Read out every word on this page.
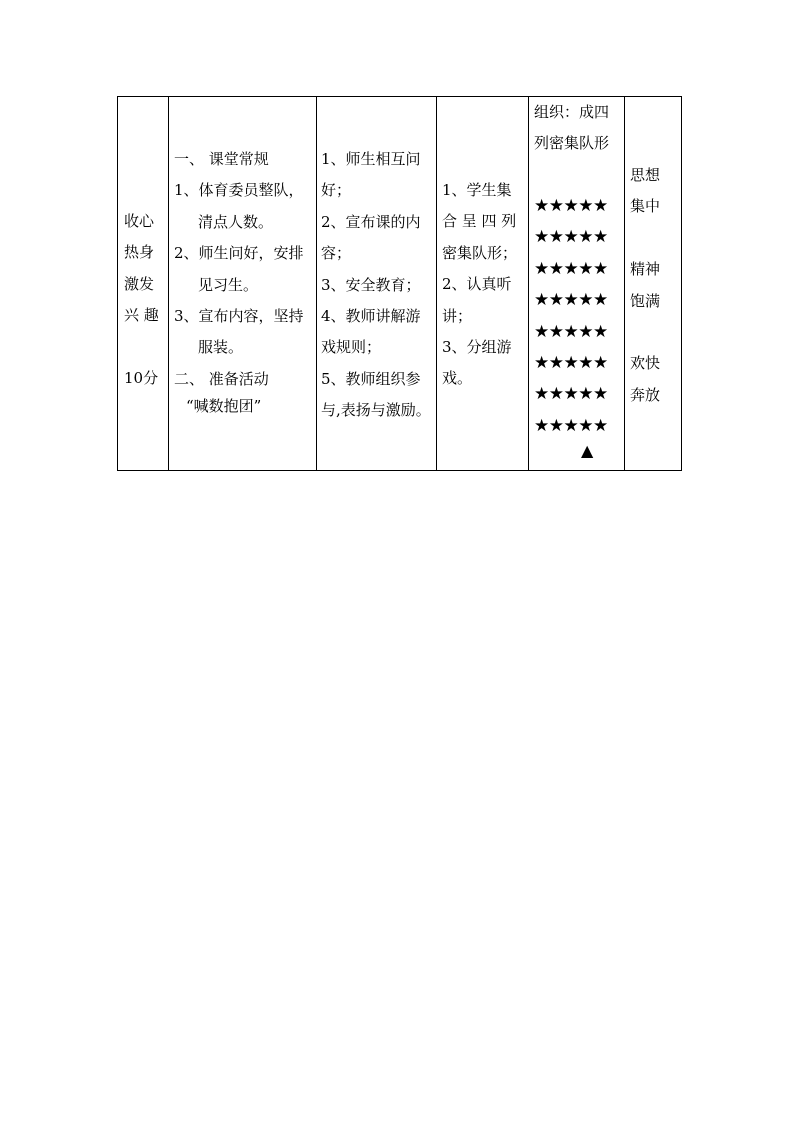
收心
热身
激发
兴 趣
10分
一、 课堂常规
1、体育委员整队，
清点人数。
2、师生问好，安排
见习生。
3、宣布内容，坚持
服装。
二、 准备活动
“喊数抱团”
1、师生相互问
好；
2、宣布课的内
容；
3、安全教育；
4、教师讲解游
戏规则；
5、教师组织参
与,表扬与激励。
1、学生集
合 呈 四 列
密集队形；
2、认真听
讲；
3、分组游
戏。
组织：成四
列密集队形
★★★★★
★★★★★
★★★★★
★★★★★
★★★★★
★★★★★
★★★★★
★★★★★
▲
思想
集中
精神
饱满
欢快
奔放
